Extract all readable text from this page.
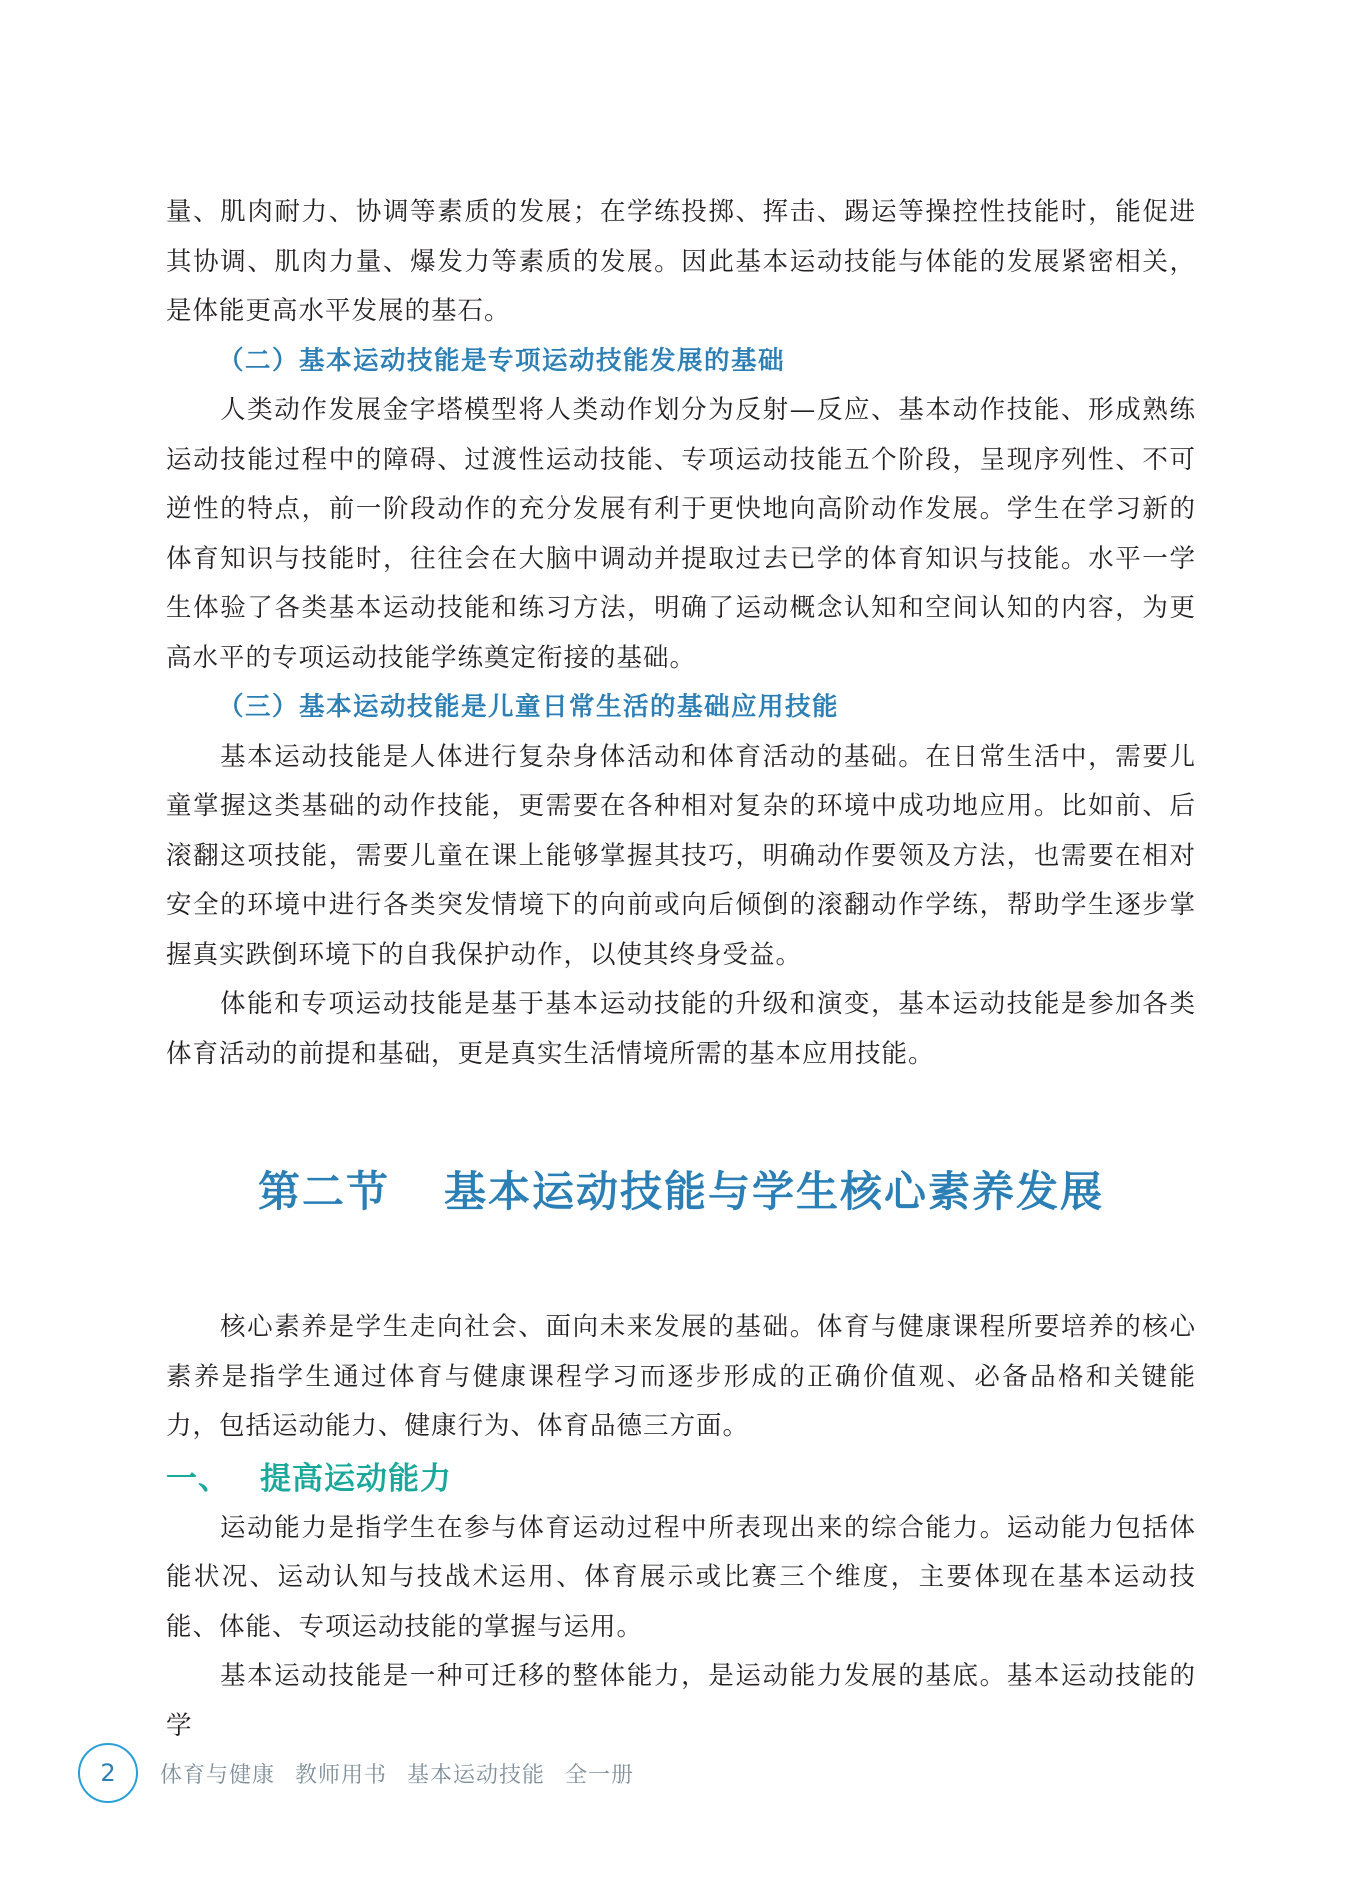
量、肌肉耐力、协调等素质的发展；在学练投掷、挥击、踢运等操控性技能时，能促进其协调、肌肉力量、爆发力等素质的发展。因此基本运动技能与体能的发展紧密相关，是体能更高水平发展的基石。

（二）基本运动技能是专项运动技能发展的基础

人类动作发展金字塔模型将人类动作划分为反射—反应、基本动作技能、形成熟练运动技能过程中的障碍、过渡性运动技能、专项运动技能五个阶段，呈现序列性、不可逆性的特点，前一阶段动作的充分发展有利于更快地向高阶动作发展。学生在学习新的体育知识与技能时，往往会在大脑中调动并提取过去已学的体育知识与技能。水平一学生体验了各类基本运动技能和练习方法，明确了运动概念认知和空间认知的内容，为更高水平的专项运动技能学练奠定衔接的基础。

（三）基本运动技能是儿童日常生活的基础应用技能

基本运动技能是人体进行复杂身体活动和体育活动的基础。在日常生活中，需要儿童掌握这类基础的动作技能，更需要在各种相对复杂的环境中成功地应用。比如前、后滚翻这项技能，需要儿童在课上能够掌握其技巧，明确动作要领及方法，也需要在相对安全的环境中进行各类突发情境下的向前或向后倾倒的滚翻动作学练，帮助学生逐步掌握真实跌倒环境下的自我保护动作，以使其终身受益。

体能和专项运动技能是基于基本运动技能的升级和演变，基本运动技能是参加各类体育活动的前提和基础，更是真实生活情境所需的基本应用技能。

第二节 基本运动技能与学生核心素养发展

核心素养是学生走向社会、面向未来发展的基础。体育与健康课程所要培养的核心素养是指学生通过体育与健康课程学习而逐步形成的正确价值观、必备品格和关键能力，包括运动能力、健康行为、体育品德三方面。

一、 提高运动能力

运动能力是指学生在参与体育运动过程中所表现出来的综合能力。运动能力包括体能状况、运动认知与技战术运用、体育展示或比赛三个维度，主要体现在基本运动技能、体能、专项运动技能的掌握与运用。

基本运动技能是一种可迁移的整体能力，是运动能力发展的基底。基本运动技能的学

2	体育与健康 教师用书 基本运动技能 全一册
